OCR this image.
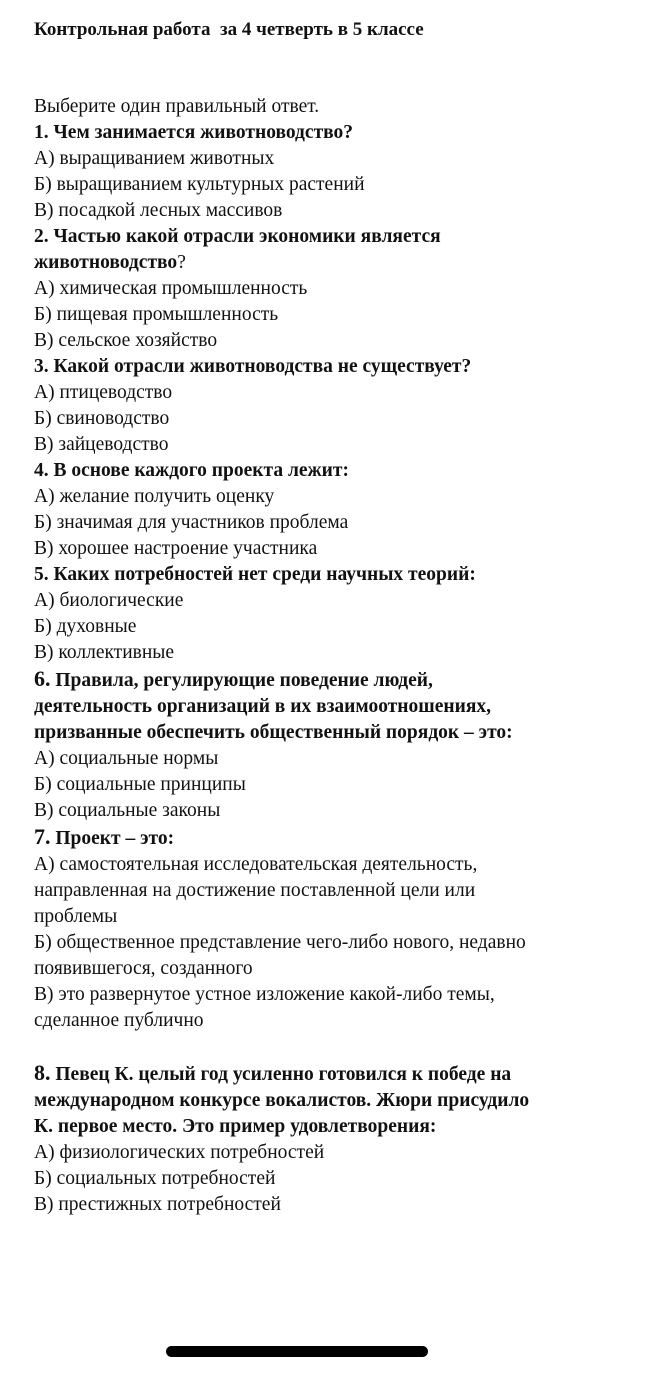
Контрольная работа  за 4 четверть в 5 классе
Выберите один правильный ответ.
1. Чем занимается животноводство?
А) выращиванием животных
Б) выращиванием культурных растений
В) посадкой лесных массивов
2. Частью какой отрасли экономики является
животноводство?
А) химическая промышленность
Б) пищевая промышленность
В) сельское хозяйство
3. Какой отрасли животноводства не существует?
А) птицеводство
Б) свиноводство
В) зайцеводство
4. В основе каждого проекта лежит:
А) желание получить оценку
Б) значимая для участников проблема
В) хорошее настроение участника
5. Каких потребностей нет среди научных теорий:
А) биологические
Б) духовные
В) коллективные
6. Правила, регулирующие поведение людей,
деятельность организаций в их взаимоотношениях,
призванные обеспечить общественный порядок – это:
А) социальные нормы
Б) социальные принципы
В) социальные законы
7. Проект – это:
А) самостоятельная исследовательская деятельность,
направленная на достижение поставленной цели или
проблемы
Б) общественное представление чего-либо нового, недавно
появившегося, созданного
В) это развернутое устное изложение какой-либо темы,
сделанное публично
8. Певец К. целый год усиленно готовился к победе на
международном конкурсе вокалистов. Жюри присудило
К. первое место. Это пример удовлетворения:
А) физиологических потребностей
Б) социальных потребностей
В) престижных потребностей
